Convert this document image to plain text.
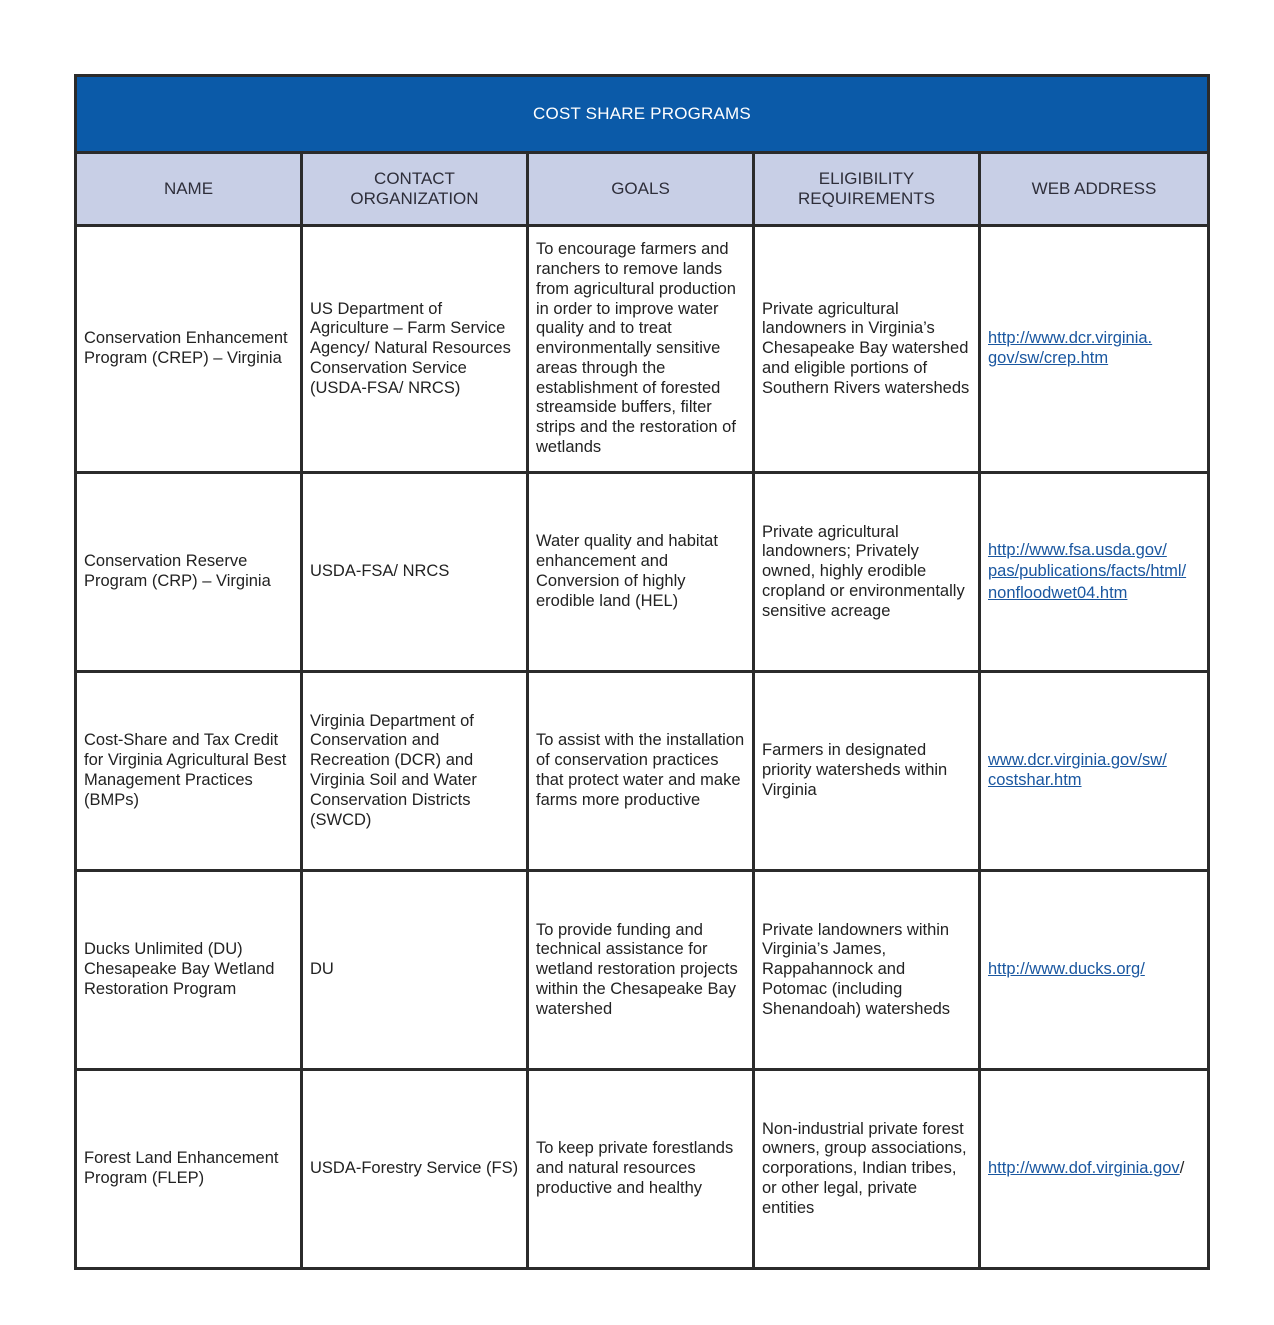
COST SHARE PROGRAMS				
NAME	CONTACT ORGANIZATION	GOALS	ELIGIBILITY REQUIREMENTS	WEB ADDRESS
Conservation Enhancement Program (CREP) – Virginia	US Department of Agriculture – Farm Service Agency/ Natural Resources Conservation Service (USDA-FSA/ NRCS)	To encourage farmers and ranchers to remove lands from agricultural production in order to improve water quality and to treat environmentally sensitive areas through the establishment of forested streamside buffers, filter strips and the restoration of wetlands	Private agricultural landowners in Virginia’s Chesapeake Bay watershed and eligible portions of Southern Rivers watersheds	http://www.dcr.virginia.
gov/sw/crep.htm
Conservation Reserve Program (CRP) – Virginia	USDA-FSA/ NRCS	Water quality and habitat enhancement and Conversion of highly erodible land (HEL)	Private agricultural landowners; Privately owned, highly erodible cropland or environmentally sensitive acreage	http://www.fsa.usda.gov/
pas/publications/facts/html/
nonfloodwet04.htm
Cost-Share and Tax Credit for Virginia Agricultural Best Management Practices (BMPs)	Virginia Department of Conservation and Recreation (DCR) and Virginia Soil and Water Conservation Districts (SWCD)	To assist with the installation of conservation practices that protect water and make farms more productive	Farmers in designated priority watersheds within Virginia	www.dcr.virginia.gov/sw/
costshar.htm
Ducks Unlimited (DU) Chesapeake Bay Wetland Restoration Program	DU	To provide funding and technical assistance for wetland restoration projects within the Chesapeake Bay watershed	Private landowners within Virginia’s James, Rappahannock and Potomac (including Shenandoah) watersheds	http://www.ducks.org/
Forest Land Enhancement Program (FLEP)	USDA-Forestry Service (FS)	To keep private forestlands and natural resources productive and healthy	Non-industrial private forest owners, group associations, corporations, Indian tribes, or other legal, private entities	http://www.dof.virginia.gov/
